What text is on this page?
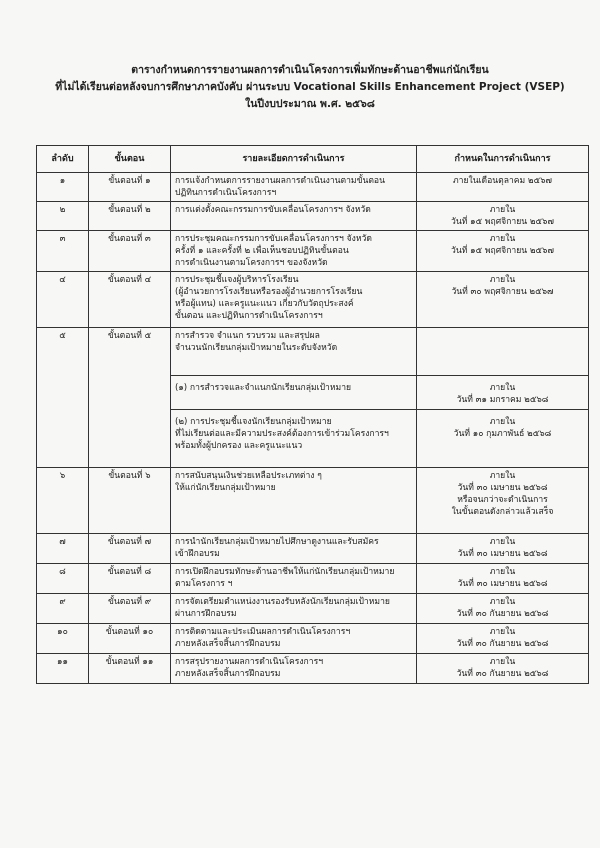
ตารางกำหนดการรายงานผลการดำเนินโครงการเพิ่มทักษะด้านอาชีพแก่นักเรียน
ที่ไม่ได้เรียนต่อหลังจบการศึกษาภาคบังคับ ผ่านระบบ Vocational Skills Enhancement Project (VSEP)
ในปีงบประมาณ พ.ศ. ๒๕๖๘
ลำดับ	ขั้นตอน	รายละเอียดการดำเนินการ	กำหนดในการดำเนินการ
๑	ขั้นตอนที่ ๑	การแจ้งกำหนดการรายงานผลการดำเนินงานตามขั้นตอน
ปฏิทินการดำเนินโครงการฯ	ภายในเดือนตุลาคม ๒๕๖๗

๒	ขั้นตอนที่ ๒	การแต่งตั้งคณะกรรมการขับเคลื่อนโครงการฯ จังหวัด	ภายใน
วันที่ ๑๕ พฤศจิกายน ๒๕๖๗

๓	ขั้นตอนที่ ๓	การประชุมคณะกรรมการขับเคลื่อนโครงการฯ จังหวัด
ครั้งที่ ๑ และครั้งที่ ๒ เพื่อเห็นชอบปฏิทินขั้นตอน
การดำเนินงานตามโครงการฯ ของจังหวัด	ภายใน
วันที่ ๑๕ พฤศจิกายน ๒๕๖๗

๔	ขั้นตอนที่ ๔	การประชุมชี้แจงผู้บริหารโรงเรียน
(ผู้อำนวยการโรงเรียนหรือรองผู้อำนวยการโรงเรียน
หรือผู้แทน) และครูแนะแนว เกี่ยวกับวัตถุประสงค์
ขั้นตอน และปฏิทินการดำเนินโครงการฯ	ภายใน
วันที่ ๓๐ พฤศจิกายน ๒๕๖๗

๕	ขั้นตอนที่ ๕	การสำรวจ จำแนก รวบรวม และสรุปผล
จำนวนนักเรียนกลุ่มเป้าหมายในระดับจังหวัด	

		(๑) การสำรวจและจำแนกนักเรียนกลุ่มเป้าหมาย	ภายใน
วันที่ ๓๑ มกราคม ๒๕๖๘

		(๒) การประชุมชี้แจงนักเรียนกลุ่มเป้าหมาย
ที่ไม่เรียนต่อและมีความประสงค์ต้องการเข้าร่วมโครงการฯ
พร้อมทั้งผู้ปกครอง และครูแนะแนว	ภายใน
วันที่ ๑๐ กุมภาพันธ์ ๒๕๖๘

๖	ขั้นตอนที่ ๖	การสนับสนุนเงินช่วยเหลือประเภทต่าง ๆ
ให้แก่นักเรียนกลุ่มเป้าหมาย	ภายใน
วันที่ ๓๐ เมษายน ๒๕๖๘
หรือจนกว่าจะดำเนินการ
ในขั้นตอนดังกล่าวแล้วเสร็จ

๗	ขั้นตอนที่ ๗	การนำนักเรียนกลุ่มเป้าหมายไปศึกษาดูงานและรับสมัคร
เข้าฝึกอบรม	ภายใน
วันที่ ๓๐ เมษายน ๒๕๖๘

๘	ขั้นตอนที่ ๘	การเปิดฝึกอบรมทักษะด้านอาชีพให้แก่นักเรียนกลุ่มเป้าหมาย
ตามโครงการ ฯ	ภายใน
วันที่ ๓๐ เมษายน ๒๕๖๘

๙	ขั้นตอนที่ ๙	การจัดเตรียมตำแหน่งงานรองรับหลังนักเรียนกลุ่มเป้าหมาย
ผ่านการฝึกอบรม	ภายใน
วันที่ ๓๐ กันยายน ๒๕๖๘

๑๐	ขั้นตอนที่ ๑๐	การติดตามและประเมินผลการดำเนินโครงการฯ
ภายหลังเสร็จสิ้นการฝึกอบรม	ภายใน
วันที่ ๓๐ กันยายน ๒๕๖๘

๑๑	ขั้นตอนที่ ๑๑	การสรุปรายงานผลการดำเนินโครงการฯ
ภายหลังเสร็จสิ้นการฝึกอบรม	ภายใน
วันที่ ๓๐ กันยายน ๒๕๖๘
